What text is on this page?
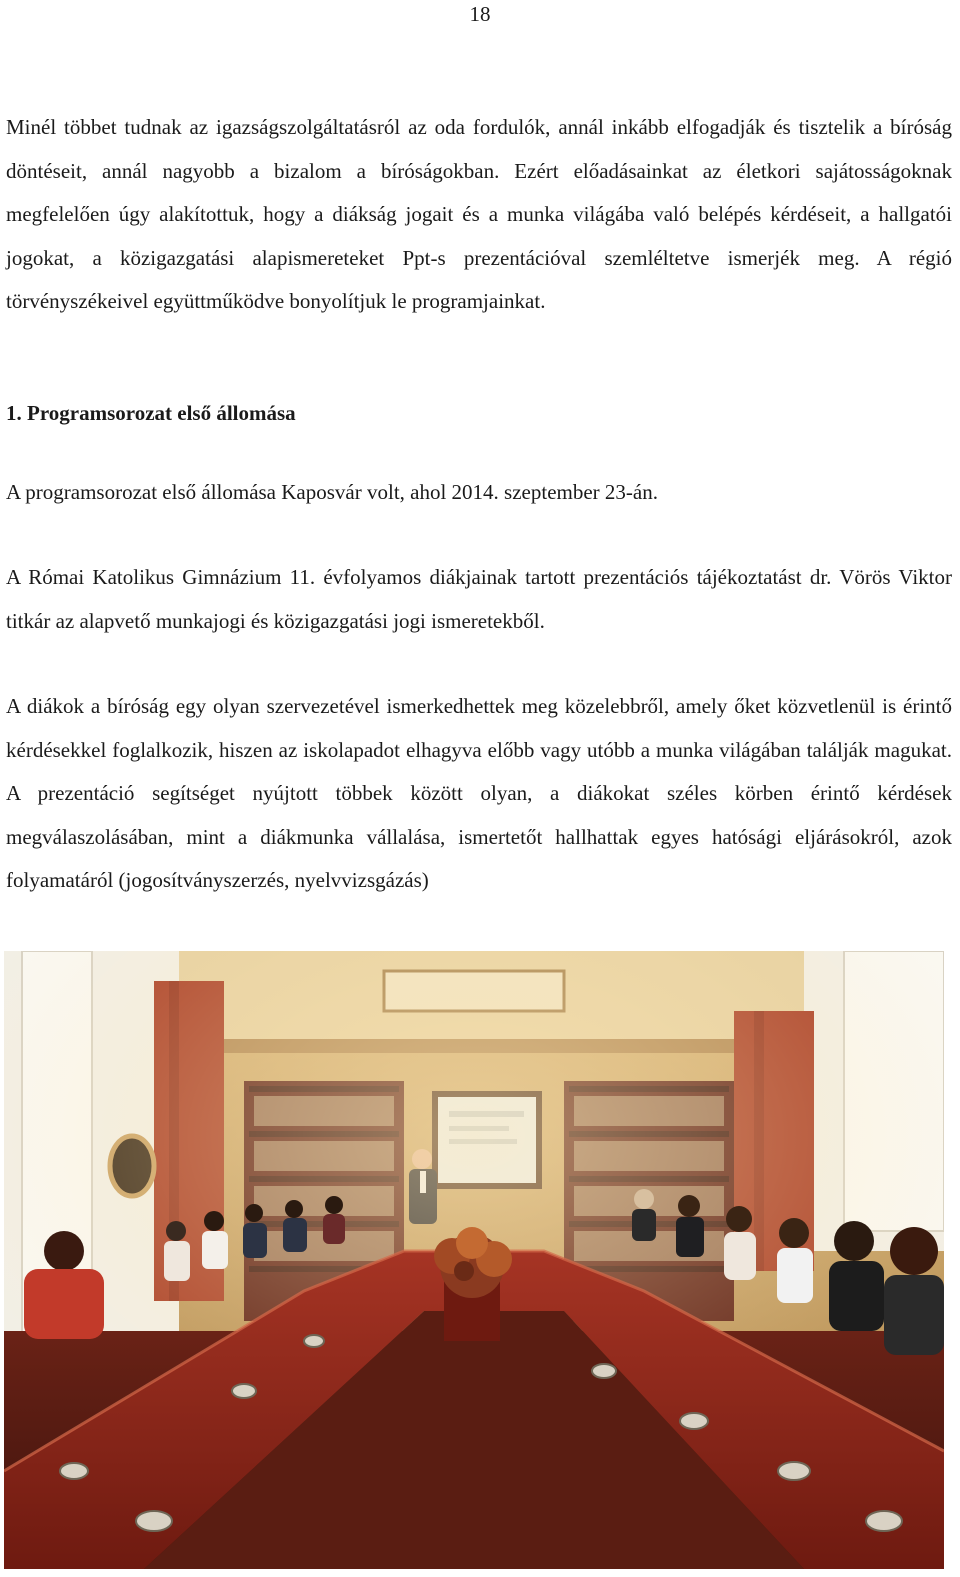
18

Minél többet tudnak az igazságszolgáltatásról az oda fordulók, annál inkább elfogadják és tisztelik a bíróság döntéseit, annál nagyobb a bizalom a bíróságokban. Ezért előadásainkat az életkori sajátosságoknak megfelelően úgy alakítottuk, hogy a diákság jogait és a munka világába való belépés kérdéseit, a hallgatói jogokat, a közigazgatási alapismereteket Ppt-s prezentációval szemléltetve ismerjék meg. A régió törvényszékeivel együttműködve bonyolítjuk le programjainkat.

1. Programsorozat első állomása

A programsorozat első állomása Kaposvár volt, ahol 2014. szeptember 23-án.

A Római Katolikus Gimnázium 11. évfolyamos diákjainak tartott prezentációs tájékoztatást dr. Vörös Viktor titkár az alapvető munkajogi és közigazgatási jogi ismeretekből.

A diákok a bíróság egy olyan szervezetével ismerkedhettek meg közelebbről, amely őket közvetlenül is érintő kérdésekkel foglalkozik, hiszen az iskolapadot elhagyva előbb vagy utóbb a munka világában találják magukat. A prezentáció segítséget nyújtott többek között olyan, a diákokat széles körben érintő kérdések megválaszolásában, mint a diákmunka vállalása, ismertetőt hallhattak egyes hatósági eljárásokról, azok folyamatáról (jogosítványszerzés, nyelvvizsgázás)
